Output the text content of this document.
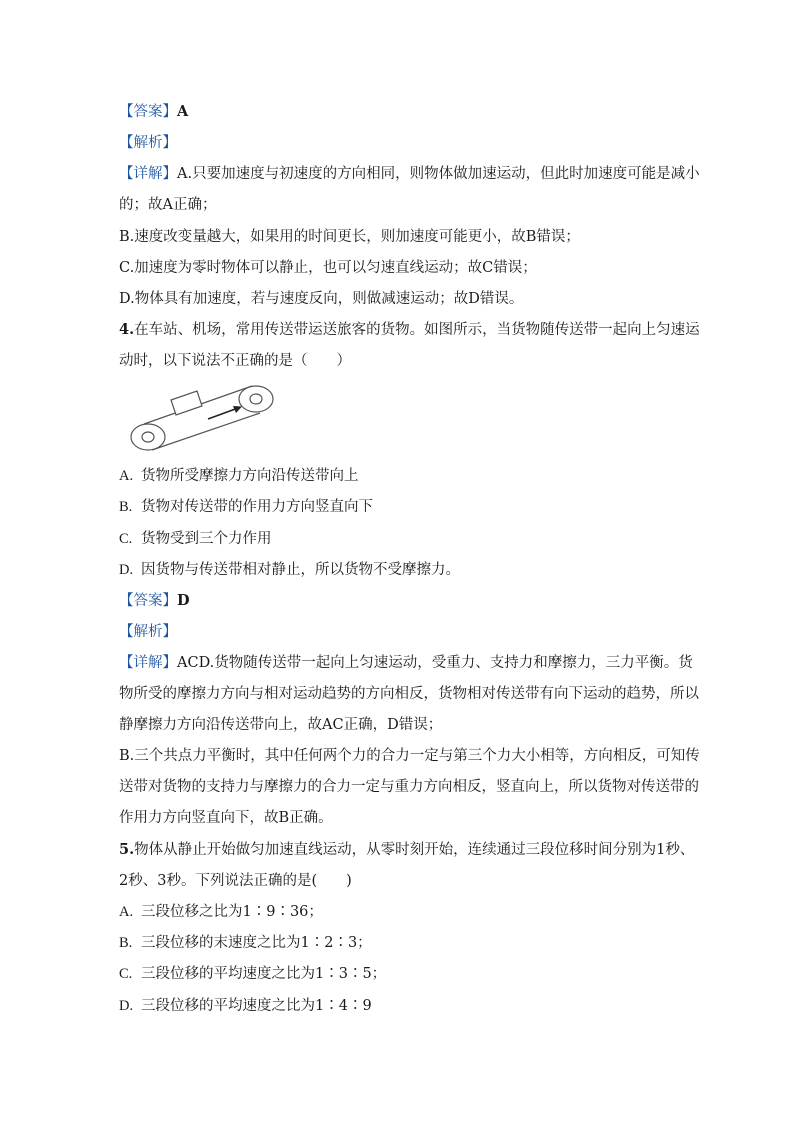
【答案】A
【解析】
【详解】A.只要加速度与初速度的方向相同，则物体做加速运动，但此时加速度可能是减小
的；故A正确；
B.速度改变量越大，如果用的时间更长，则加速度可能更小，故B错误；
C.加速度为零时物体可以静止，也可以匀速直线运动；故C错误；
D.物体具有加速度，若与速度反向，则做减速运动；故D错误。
4.在车站、机场，常用传送带运送旅客的货物。如图所示，当货物随传送带一起向上匀速运
动时，以下说法不正确的是（　　）
A. 货物所受摩擦力方向沿传送带向上
B. 货物对传送带的作用力方向竖直向下
C. 货物受到三个力作用
D. 因货物与传送带相对静止，所以货物不受摩擦力。
【答案】D
【解析】
【详解】ACD.货物随传送带一起向上匀速运动，受重力、支持力和摩擦力，三力平衡。货
物所受的摩擦力方向与相对运动趋势的方向相反，货物相对传送带有向下运动的趋势，所以
静摩擦力方向沿传送带向上，故AC正确，D错误；
B.三个共点力平衡时，其中任何两个力的合力一定与第三个力大小相等，方向相反，可知传
送带对货物的支持力与摩擦力的合力一定与重力方向相反，竖直向上，所以货物对传送带的
作用力方向竖直向下，故B正确。
5.物体从静止开始做匀加速直线运动，从零时刻开始，连续通过三段位移时间分别为1秒、
2秒、3秒。下列说法正确的是(　　)
A. 三段位移之比为1∶9∶36；
B. 三段位移的末速度之比为1∶2∶3；
C. 三段位移的平均速度之比为1∶3∶5；
D. 三段位移的平均速度之比为1∶4∶9
